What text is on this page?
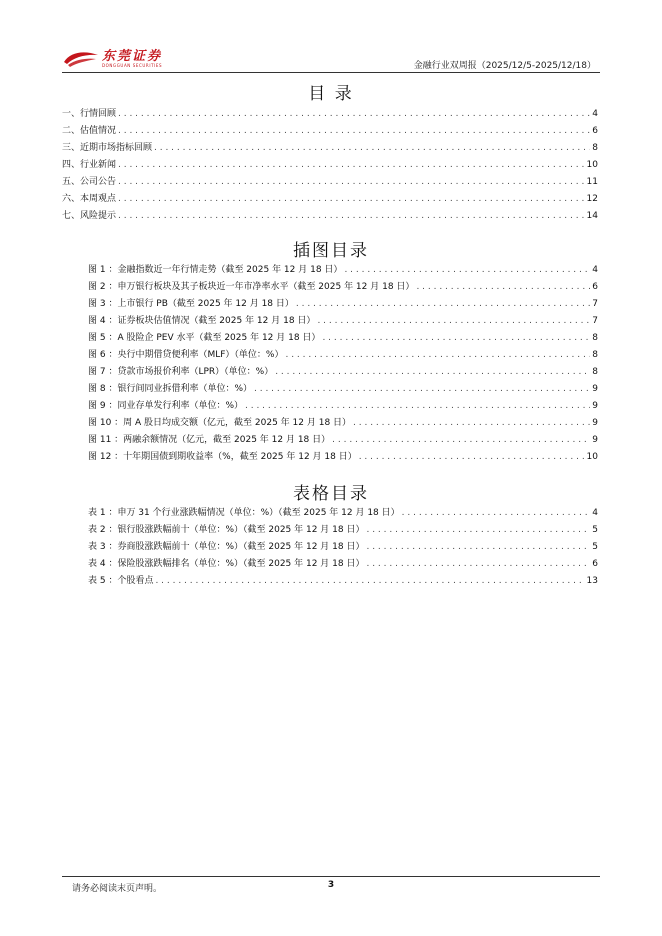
东莞证券
DONGGUAN SECURITIES	金融行业双周报（2025/12/5-2025/12/18）
目 录
一、行情回顾 . . .	4
二、估值情况 . . .	6
三、近期市场指标回顾 . . .	8
四、行业新闻 . . .	10
五、公司公告 . . .	11
六、本周观点 . . .	12
七、风险提示 . . .	14
插图目录
图 1 ：金融指数近一年行情走势（截至 2025 年 12 月 18 日） . . .	4
图 2 ：申万银行板块及其子板块近一年市净率水平（截至 2025 年 12 月 18 日） . . .	6
图 3 ：上市银行 PB（截至 2025 年 12 月 18 日） . . .	7
图 4 ：证券板块估值情况（截至 2025 年 12 月 18 日） . . .	7
图 5 ：A 股险企 PEV 水平（截至 2025 年 12 月 18 日） . . .	8
图 6 ：央行中期借贷便利率（MLF）（单位：%） . . .	8
图 7 ：贷款市场报价利率（LPR）（单位：%） . . .	8
图 8 ：银行间同业拆借利率（单位：%） . . .	9
图 9 ：同业存单发行利率（单位：%） . . .	9
图 10 ：周 A 股日均成交额（亿元，截至 2025 年 12 月 18 日） . . .	9
图 11 ：两融余额情况（亿元，截至 2025 年 12 月 18 日） . . .	9
图 12 ：十年期国债到期收益率（%，截至 2025 年 12 月 18 日） . . .	10
表格目录
表 1 ：申万 31 个行业涨跌幅情况（单位：%）（截至 2025 年 12 月 18 日） . . .	4
表 2 ：银行股涨跌幅前十（单位：%）（截至 2025 年 12 月 18 日） . . .	5
表 3 ：券商股涨跌幅前十（单位：%）（截至 2025 年 12 月 18 日） . . .	5
表 4 ：保险股涨跌幅排名（单位：%）（截至 2025 年 12 月 18 日） . . .	6
表 5 ：个股看点 . . .	13
请务必阅读末页声明。	3
